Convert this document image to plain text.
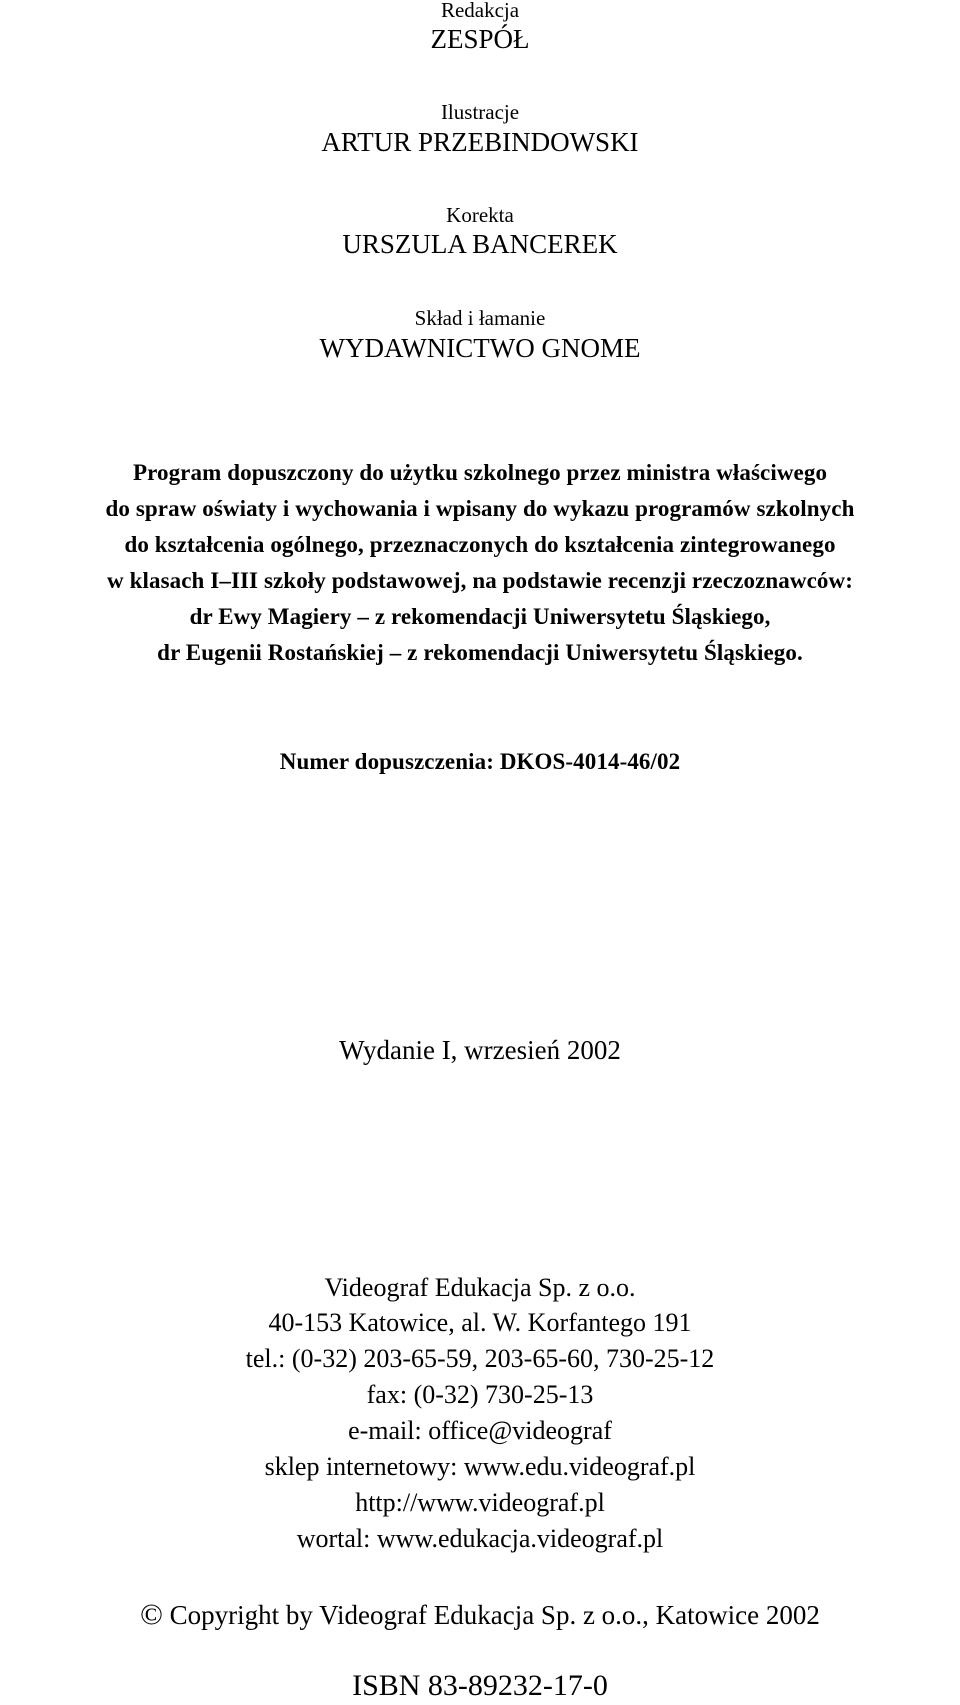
Redakcja
ZESPÓŁ
Ilustracje
ARTUR PRZEBINDOWSKI
Korekta
URSZULA BANCEREK
Skład i łamanie
WYDAWNICTWO GNOME
Program dopuszczony do użytku szkolnego przez ministra właściwego
do spraw oświaty i wychowania i wpisany do wykazu programów szkolnych
do kształcenia ogólnego, przeznaczonych do kształcenia zintegrowanego
w klasach I–III szkoły podstawowej, na podstawie recenzji rzeczoznawców:
dr Ewy Magiery – z rekomendacji Uniwersytetu Śląskiego,
dr Eugenii Rostańskiej – z rekomendacji Uniwersytetu Śląskiego.
Numer dopuszczenia: DKOS-4014-46/02
Wydanie I, wrzesień 2002
Videograf Edukacja Sp. z o.o.
40-153 Katowice, al. W. Korfantego 191
tel.: (0-32) 203-65-59, 203-65-60, 730-25-12
fax: (0-32) 730-25-13
e-mail: office@videograf
sklep internetowy: www.edu.videograf.pl
http://www.videograf.pl
wortal: www.edukacja.videograf.pl
© Copyright by Videograf Edukacja Sp. z o.o., Katowice 2002
ISBN 83-89232-17-0
